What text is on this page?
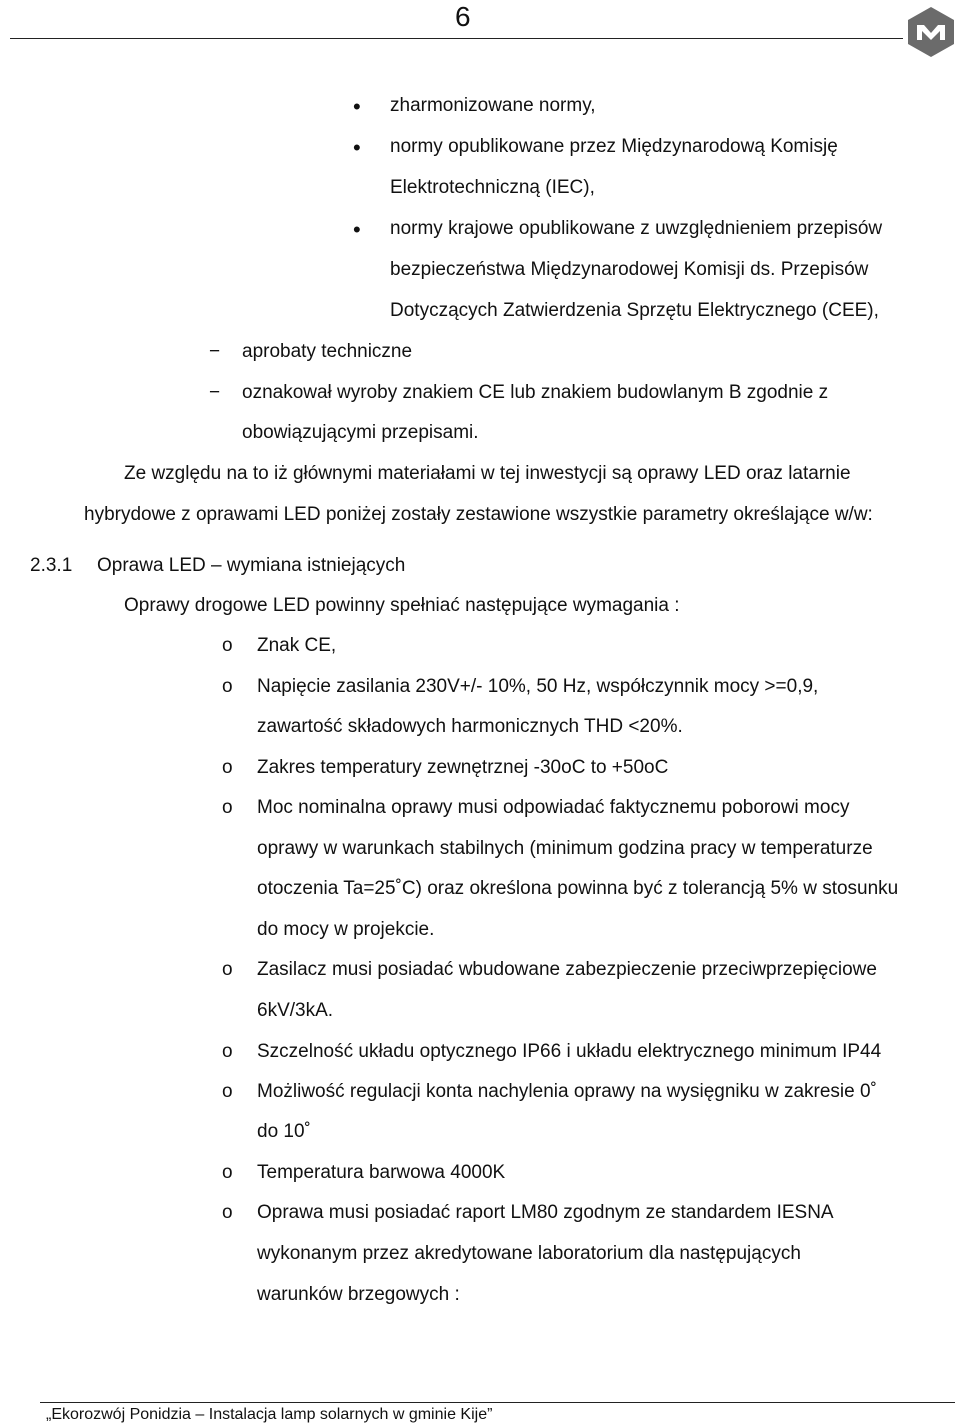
6
• zharmonizowane normy,
• normy opublikowane przez Międzynarodową Komisję
Elektrotechniczną (IEC),
• normy krajowe opublikowane z uwzględnieniem przepisów
bezpieczeństwa Międzynarodowej Komisji ds. Przepisów
Dotyczących Zatwierdzenia Sprzętu Elektrycznego (CEE),
− aprobaty techniczne
− oznakował wyroby znakiem CE lub znakiem budowlanym B zgodnie z
obowiązującymi przepisami.
Ze względu na to iż głównymi materiałami w tej inwestycji są oprawy LED oraz latarnie
hybrydowe z oprawami LED poniżej zostały zestawione wszystkie parametry określające w/w:
2.3.1 Oprawa LED – wymiana istniejących
Oprawy drogowe LED powinny spełniać następujące wymagania :
o Znak CE,
o Napięcie zasilania 230V+/- 10%, 50 Hz, współczynnik mocy >=0,9,
zawartość składowych harmonicznych THD <20%.
o Zakres temperatury zewnętrznej -30oC to +50oC
o Moc nominalna oprawy musi odpowiadać faktycznemu poborowi mocy
oprawy w warunkach stabilnych (minimum godzina pracy w temperaturze
otoczenia Ta=25˚C) oraz określona powinna być z tolerancją 5% w stosunku
do mocy w projekcie.
o Zasilacz musi posiadać wbudowane zabezpieczenie przeciwprzepięciowe
6kV/3kA.
o Szczelność układu optycznego IP66 i układu elektrycznego minimum IP44
o Możliwość regulacji konta nachylenia oprawy na wysięgniku w zakresie 0˚
do 10˚
o Temperatura barwowa 4000K
o Oprawa musi posiadać raport LM80 zgodnym ze standardem IESNA
wykonanym przez akredytowane laboratorium dla następujących
warunków brzegowych :
„Ekorozwój Ponidzia – Instalacja lamp solarnych w gminie Kije”
